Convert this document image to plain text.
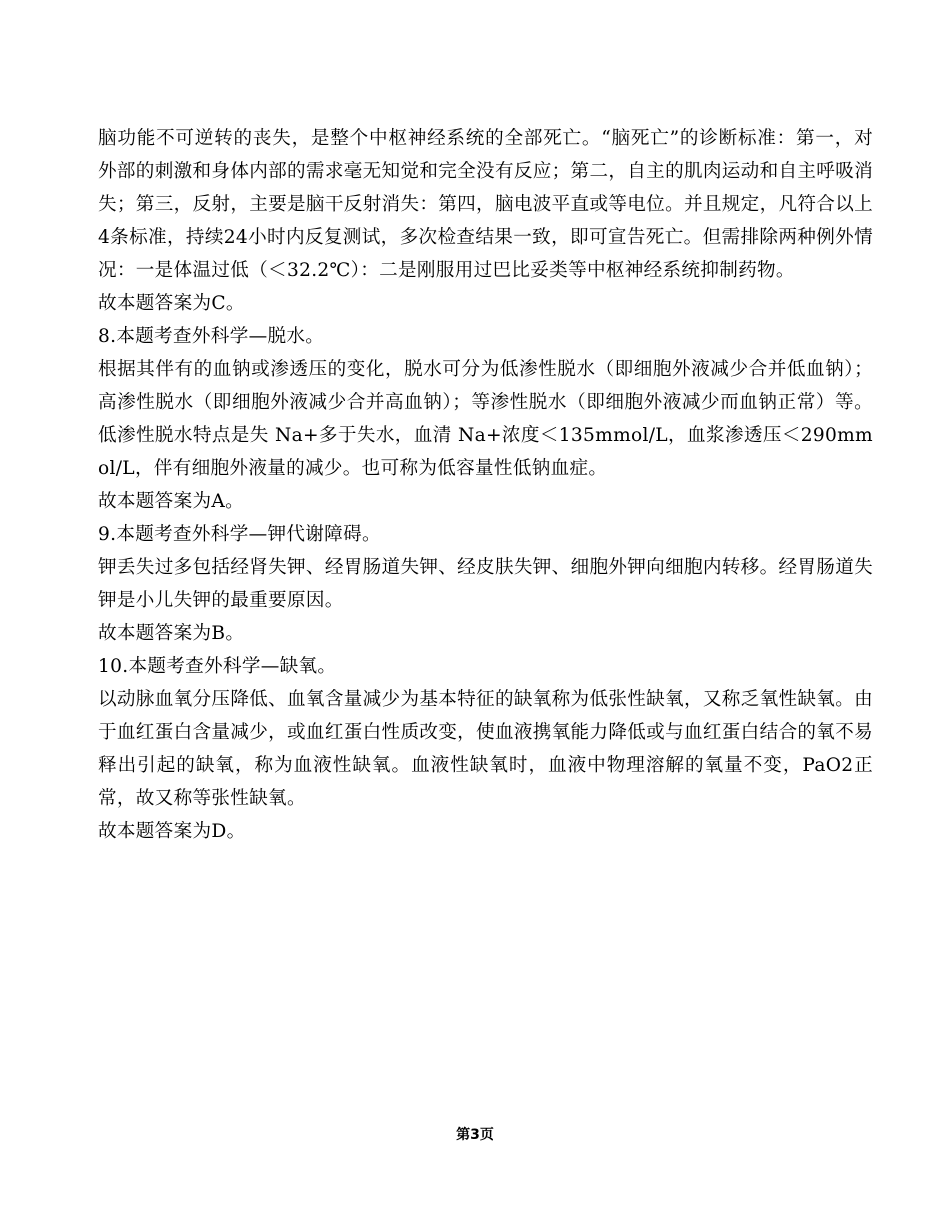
脑功能不可逆转的丧失，是整个中枢神经系统的全部死亡。“脑死亡”的诊断标准：第一，对外部的刺激和身体内部的需求毫无知觉和完全没有反应；第二，自主的肌肉运动和自主呼吸消失；第三，反射，主要是脑干反射消失：第四，脑电波平直或等电位。并且规定，凡符合以上4条标准，持续24小时内反复测试，多次检查结果一致，即可宣告死亡。但需排除两种例外情况：一是体温过低（＜32.2℃）：二是刚服用过巴比妥类等中枢神经系统抑制药物。

故本题答案为C。

8.本题考查外科学—脱水。

根据其伴有的血钠或渗透压的变化，脱水可分为低渗性脱水（即细胞外液减少合并低血钠）；高渗性脱水（即细胞外液减少合并高血钠）；等渗性脱水（即细胞外液减少而血钠正常）等。低渗性脱水特点是失 Na+多于失水，血清 Na+浓度＜135mmol/L，血浆渗透压＜290mmol/L，伴有细胞外液量的减少。也可称为低容量性低钠血症。

故本题答案为A。

9.本题考查外科学—钾代谢障碍。

钾丢失过多包括经肾失钾、经胃肠道失钾、经皮肤失钾、细胞外钾向细胞内转移。经胃肠道失钾是小儿失钾的最重要原因。

故本题答案为B。

10.本题考查外科学—缺氧。

以动脉血氧分压降低、血氧含量减少为基本特征的缺氧称为低张性缺氧，又称乏氧性缺氧。由于血红蛋白含量减少，或血红蛋白性质改变，使血液携氧能力降低或与血红蛋白结合的氧不易释出引起的缺氧，称为血液性缺氧。血液性缺氧时，血液中物理溶解的氧量不变，PaO2正常，故又称等张性缺氧。

故本题答案为D。

第3页
